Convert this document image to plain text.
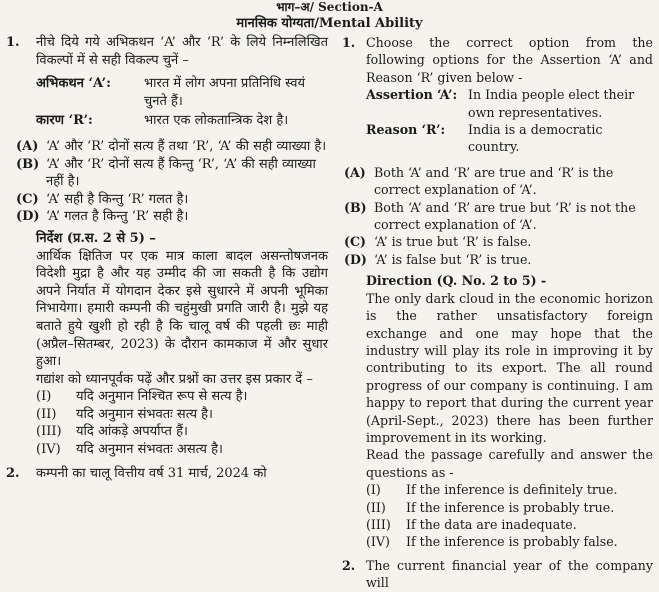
भाग–अ/ Section-A
मानसिक योग्यता/Mental Ability
1. नीचे दिये गये अभिकथन ‘A’ और ‘R’ के लिये निम्नलिखित विकल्पों में से सही विकल्प चुनें –
अभिकथन ‘A’:	भारत में लोग अपना प्रतिनिधि स्वयं चुनते हैं।
कारण ‘R’:	भारत एक लोकतान्त्रिक देश है।
(A) ‘A’ और ‘R’ दोनों सत्य हैं तथा ‘R’, ‘A’ की सही व्याख्या है।
(B) ‘A’ और ‘R’ दोनों सत्य हैं किन्तु ‘R’, ‘A’ की सही व्याख्या नहीं है।
(C) ‘A’ सही है किन्तु ‘R’ गलत है।
(D) ‘A’ गलत है किन्तु ‘R’ सही है।
निर्देश (प्र.स. 2 से 5) –
आर्थिक क्षितिज पर एक मात्र काला बादल असन्तोषजनक विदेशी मुद्रा है और यह उम्मीद की जा सकती है कि उद्योग अपने निर्यात में योगदान देकर इसे सुधारने में अपनी भूमिका निभायेगा। हमारी कम्पनी की चहुंमुखी प्रगति जारी है। मुझे यह बताते हुये खुशी हो रही है कि चालू वर्ष की पहली छः माही (अप्रैल–सितम्बर, 2023) के दौरान कामकाज में और सुधार हुआ।
गद्यांश को ध्यानपूर्वक पढ़ें और प्रश्नों का उत्तर इस प्रकार दें –
(I)	यदि अनुमान निश्चित रूप से सत्य है।
(II)	यदि अनुमान संभवतः सत्य है।
(III)	यदि आंकड़े अपर्याप्त हैं।
(IV)	यदि अनुमान संभवतः असत्य है।
2. कम्पनी का चालू वित्तीय वर्ष 31 मार्च, 2024 को
1. Choose the correct option from the following options for the Assertion ‘A’ and Reason ‘R’ given below -
Assertion ‘A’: In India people elect their own representatives.
Reason ‘R’:	India is a democratic country.
(A) Both ‘A’ and ‘R’ are true and ‘R’ is the correct explanation of ‘A’.
(B) Both ‘A’ and ‘R’ are true but ‘R’ is not the correct explanation of ‘A’.
(C) ‘A’ is true but ‘R’ is false.
(D) ‘A’ is false but ‘R’ is true.
Direction (Q. No. 2 to 5) -
The only dark cloud in the economic horizon is the rather unsatisfactory foreign exchange and one may hope that the industry will play its role in improving it by contributing to its export. The all round progress of our company is continuing. I am happy to report that during the current year (April-Sept., 2023) there has been further improvement in its working.
Read the passage carefully and answer the questions as -
(I)	If the inference is definitely true.
(II)	If the inference is probably true.
(III)	If the data are inadequate.
(IV)	If the inference is probably false.
2. The current financial year of the company will
